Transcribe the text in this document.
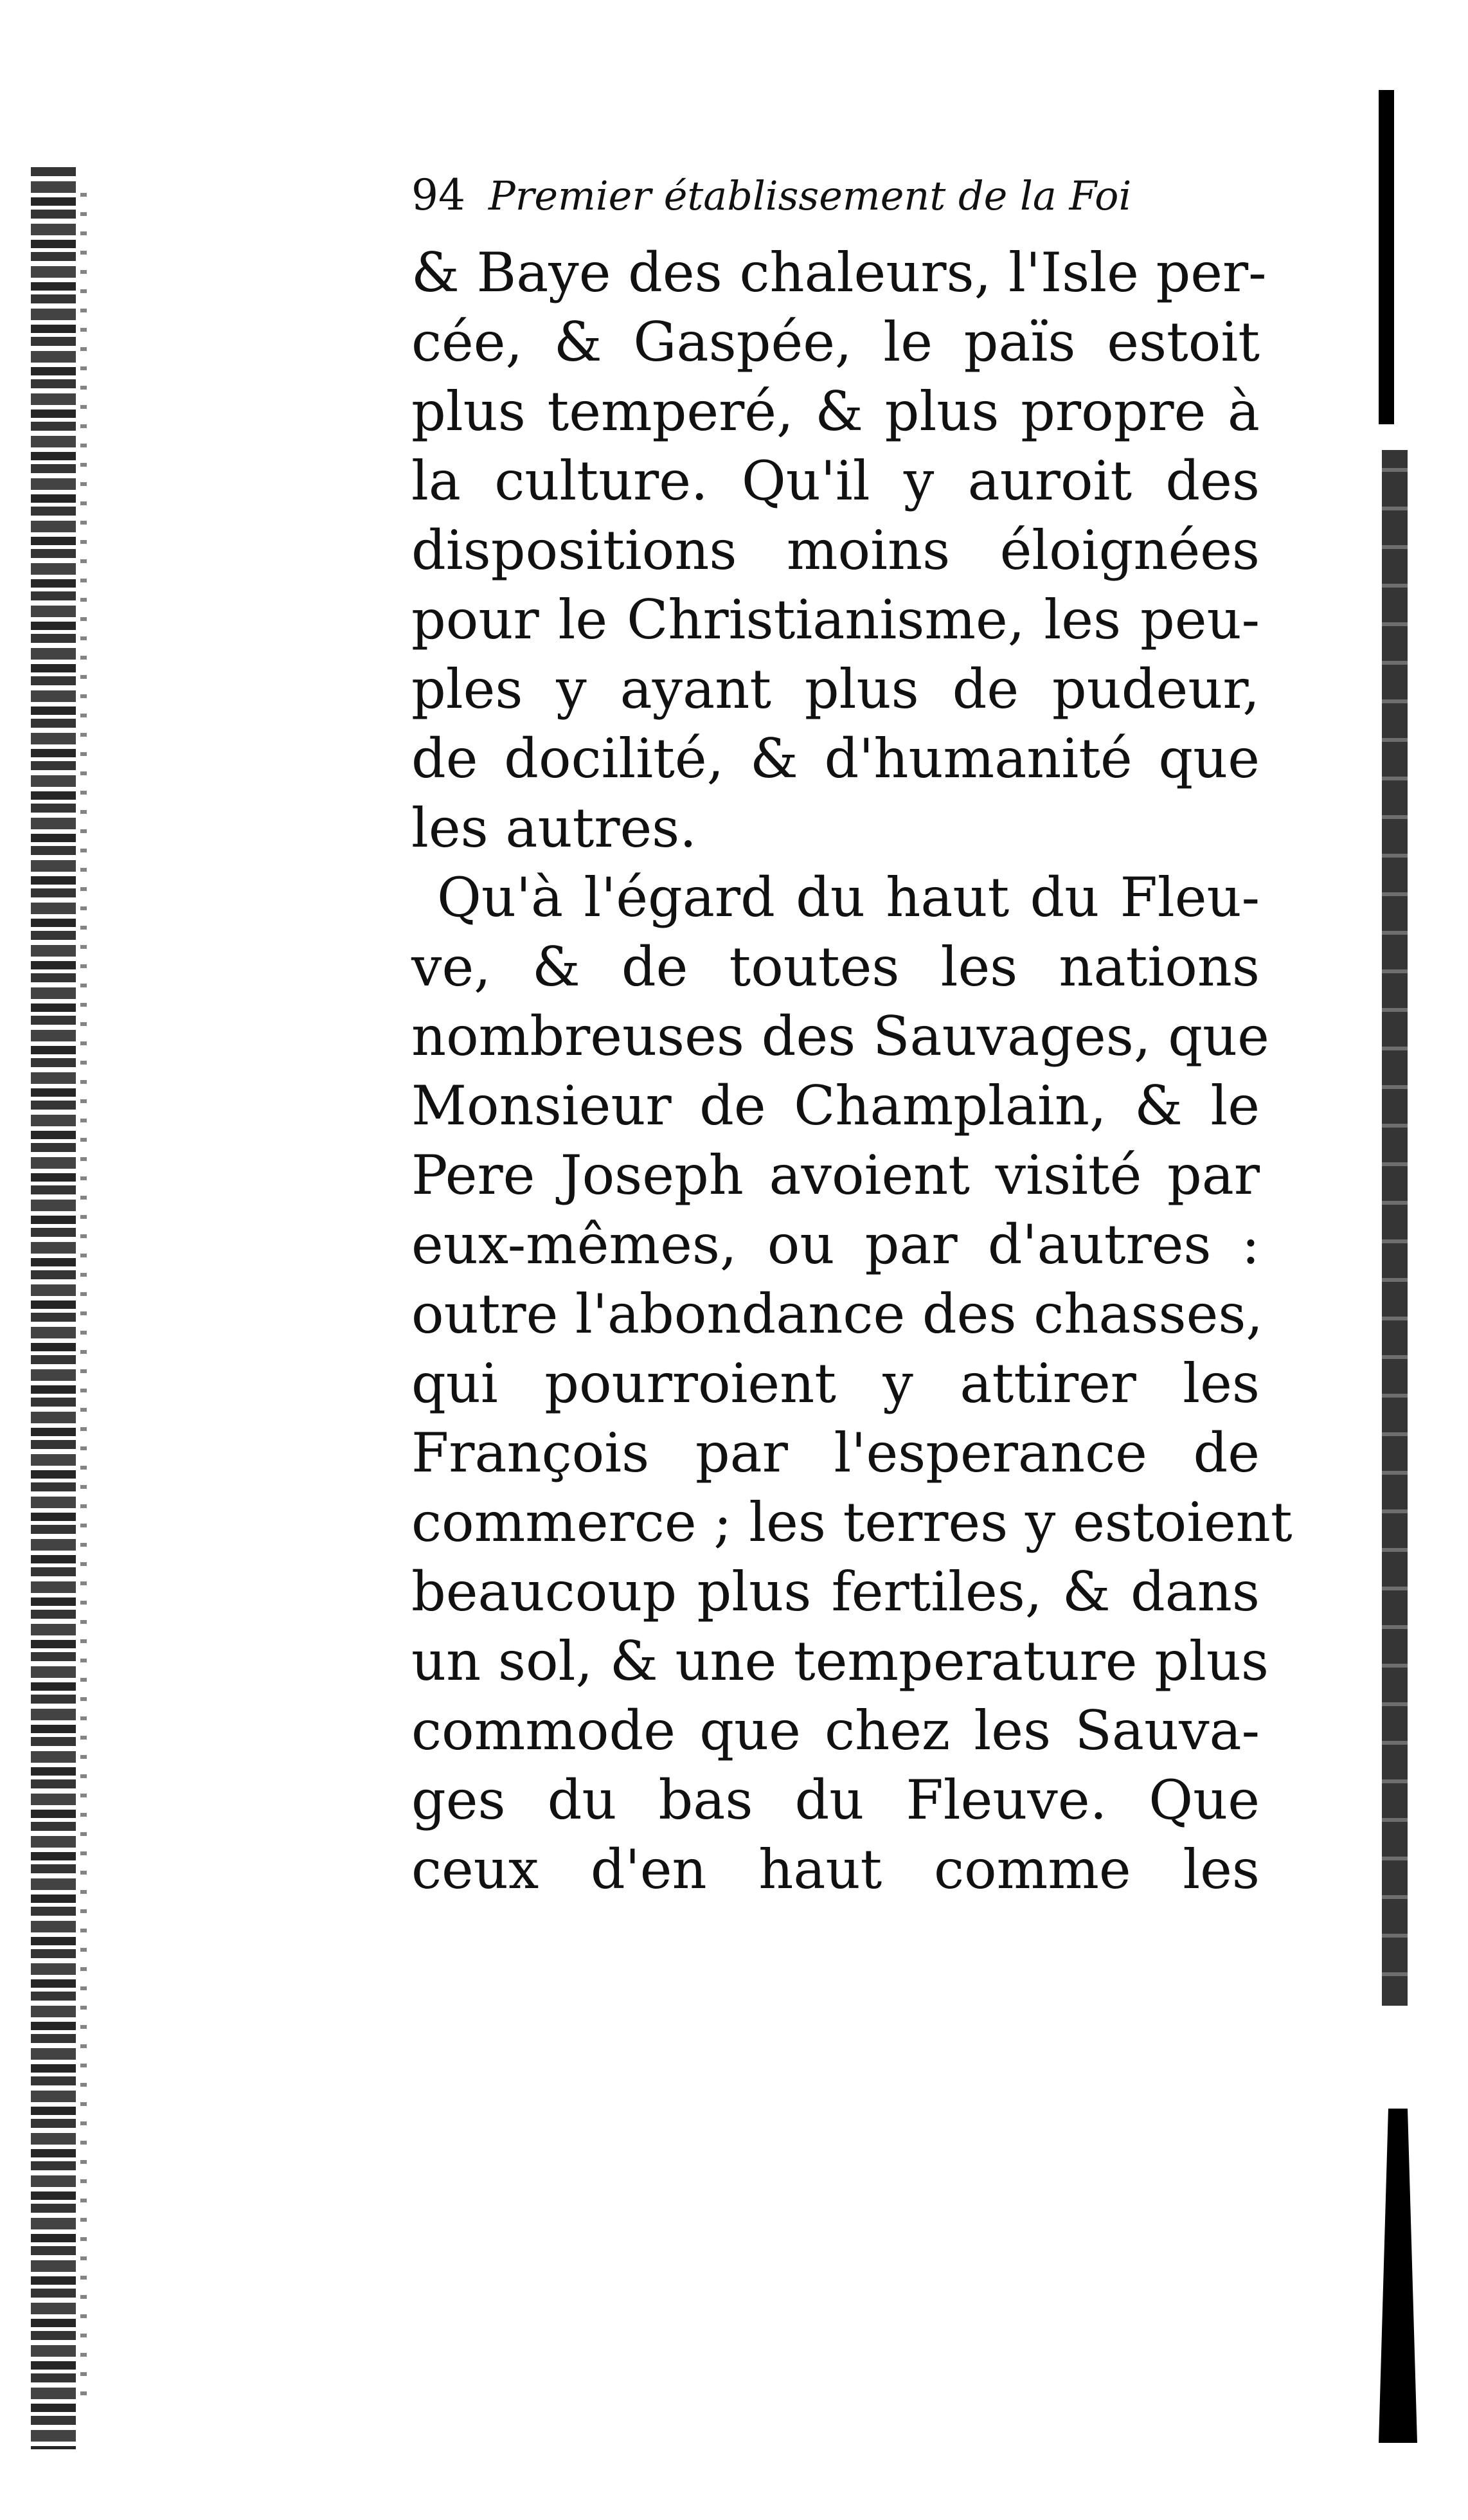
94 Premier établissement de la Foi
& Baye des chaleurs, l'Isle per-
cée, & Gaspée, le païs estoit
plus temperé, & plus propre à
la culture. Qu'il y auroit des
dispositions moins éloignées
pour le Christianisme, les peu-
ples y ayant plus de pudeur,
de docilité, & d'humanité que
les autres.
Qu'à l'égard du haut du Fleu-
ve, & de toutes les nations
nombreuses des Sauvages, que
Monsieur de Champlain, & le
Pere Joseph avoient visité par
eux-mêmes, ou par d'autres :
outre l'abondance des chasses,
qui pourroient y attirer les
François par l'esperance de
commerce ; les terres y estoient
beaucoup plus fertiles, & dans
un sol, & une temperature plus
commode que chez les Sauva-
ges du bas du Fleuve. Que
ceux d'en haut comme les
